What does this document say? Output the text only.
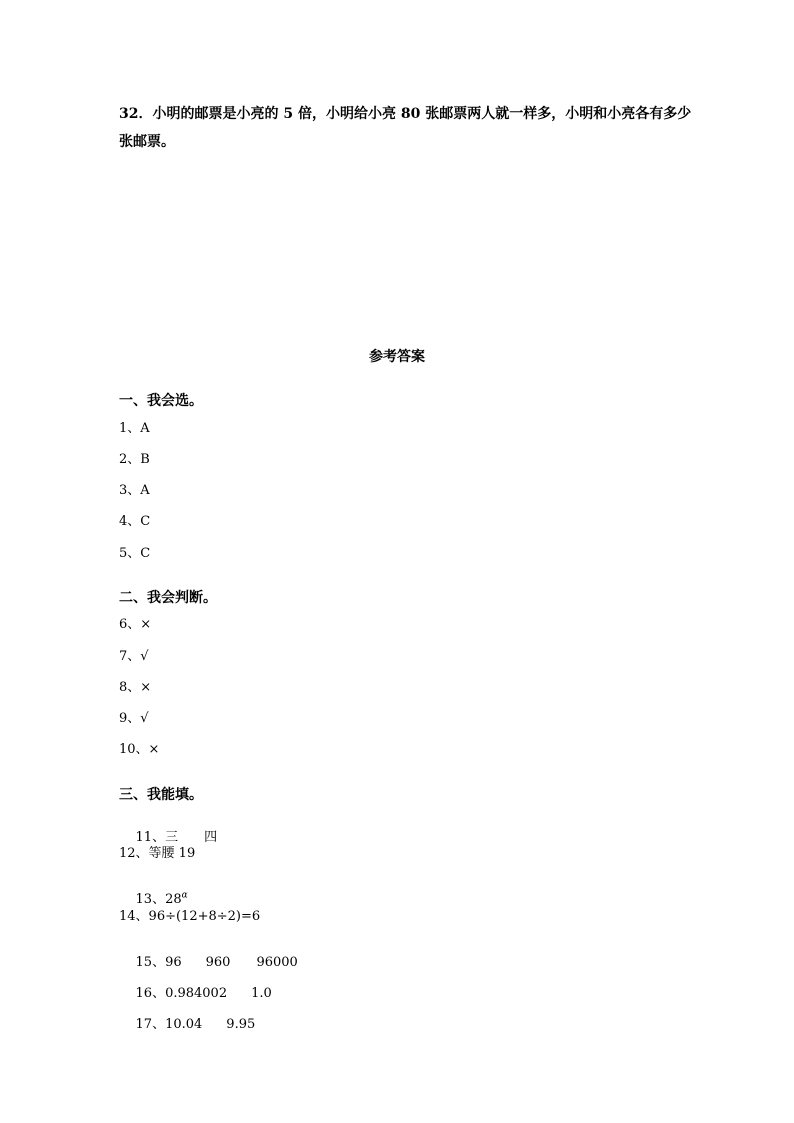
32．小明的邮票是小亮的 5 倍，小明给小亮 80 张邮票两人就一样多，小明和小亮各有多少
张邮票。
参考答案
一、我会选。
1、A
2、B
3、A
4、C
5、C
二、我会判断。
6、×
7、√
8、×
9、√
10、×
三、我能填。

11、三 四

12、等腰 19

13、$28^\alpha$

14、96÷(12+8÷2)=6

15、96 960 96000

16、0.984002 1.0

17、10.04 9.95
